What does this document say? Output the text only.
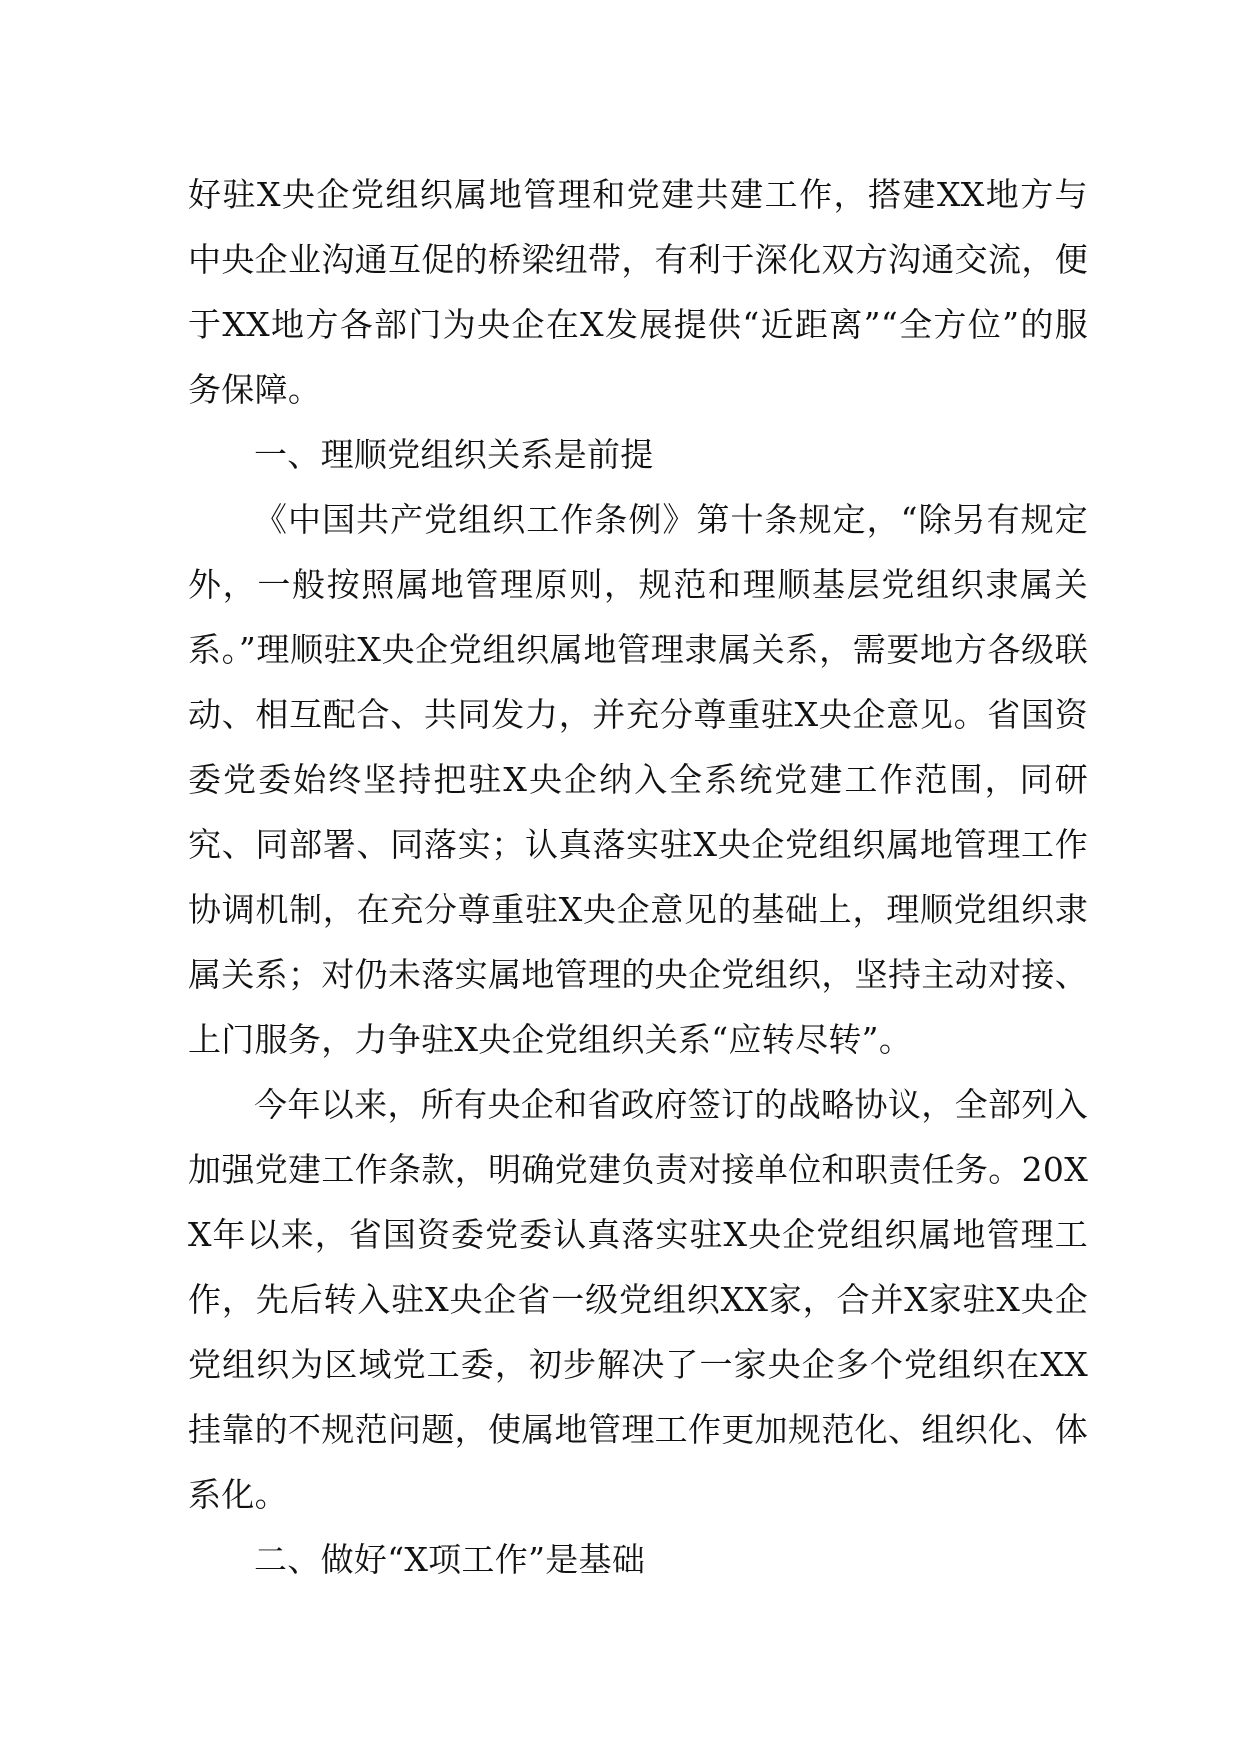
好驻X央企党组织属地管理和党建共建工作，搭建XX地方与中央企业沟通互促的桥梁纽带，有利于深化双方沟通交流，便于XX地方各部门为央企在X发展提供“近距离”“全方位”的服务保障。

一、理顺党组织关系是前提

《中国共产党组织工作条例》第十条规定，“除另有规定外，一般按照属地管理原则，规范和理顺基层党组织隶属关系。”理顺驻X央企党组织属地管理隶属关系，需要地方各级联动、相互配合、共同发力，并充分尊重驻X央企意见。省国资委党委始终坚持把驻X央企纳入全系统党建工作范围，同研究、同部署、同落实；认真落实驻X央企党组织属地管理工作协调机制，在充分尊重驻X央企意见的基础上，理顺党组织隶属关系；对仍未落实属地管理的央企党组织，坚持主动对接、上门服务，力争驻X央企党组织关系“应转尽转”。

今年以来，所有央企和省政府签订的战略协议，全部列入加强党建工作条款，明确党建负责对接单位和职责任务。20XX年以来，省国资委党委认真落实驻X央企党组织属地管理工作，先后转入驻X央企省一级党组织XX家，合并X家驻X央企党组织为区域党工委，初步解决了一家央企多个党组织在XX挂靠的不规范问题，使属地管理工作更加规范化、组织化、体系化。

二、做好“X项工作”是基础
